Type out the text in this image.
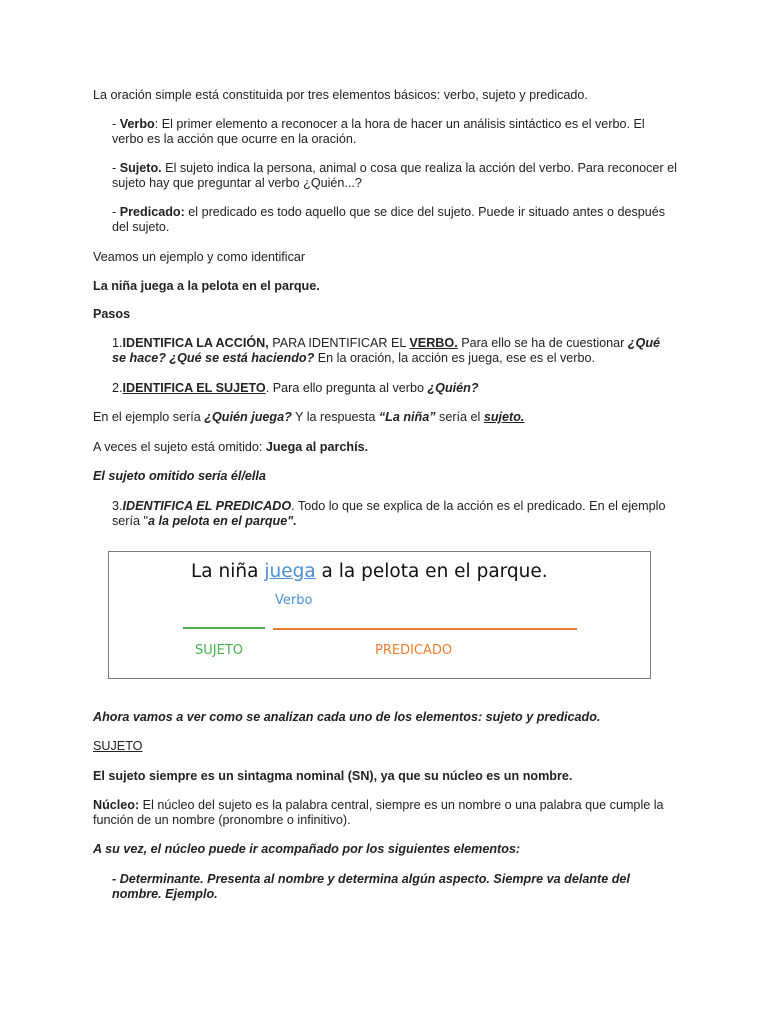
La oración simple está constituida por tres elementos básicos: verbo, sujeto y predicado.

- Verbo: El primer elemento a reconocer a la hora de hacer un análisis sintáctico es el verbo. El verbo es la acción que ocurre en la oración.

- Sujeto. El sujeto indica la persona, animal o cosa que realiza la acción del verbo. Para reconocer el sujeto hay que preguntar al verbo ¿Quién...?

- Predicado: el predicado es todo aquello que se dice del sujeto. Puede ir situado antes o después del sujeto.

Veamos un ejemplo y como identificar

La niña juega a la pelota en el parque.

Pasos

1.IDENTIFICA LA ACCIÓN, PARA IDENTIFICAR EL VERBO. Para ello se ha de cuestionar ¿Qué se hace? ¿Qué se está haciendo? En la oración, la acción es juega, ese es el verbo.

2.IDENTIFICA EL SUJETO. Para ello pregunta al verbo ¿Quién?

En el ejemplo sería ¿Quién juega? Y la respuesta “La niña” sería el sujeto.

A veces el sujeto está omitido: Juega al parchís.

El sujeto omitido sería él/ella

3.IDENTIFICA EL PREDICADO. Todo lo que se explica de la acción es el predicado. En el ejemplo sería "a la pelota en el parque".

La niña juega a la pelota en el parque.

Verbo

SUJETO	PREDICADO

Ahora vamos a ver como se analizan cada uno de los elementos: sujeto y predicado.

SUJETO

El sujeto siempre es un sintagma nominal (SN), ya que su núcleo es un nombre.

Núcleo: El núcleo del sujeto es la palabra central, siempre es un nombre o una palabra que cumple la función de un nombre (pronombre o infinitivo).

A su vez, el núcleo puede ir acompañado por los siguientes elementos:

- Determinante. Presenta al nombre y determina algún aspecto. Siempre va delante del nombre. Ejemplo.
